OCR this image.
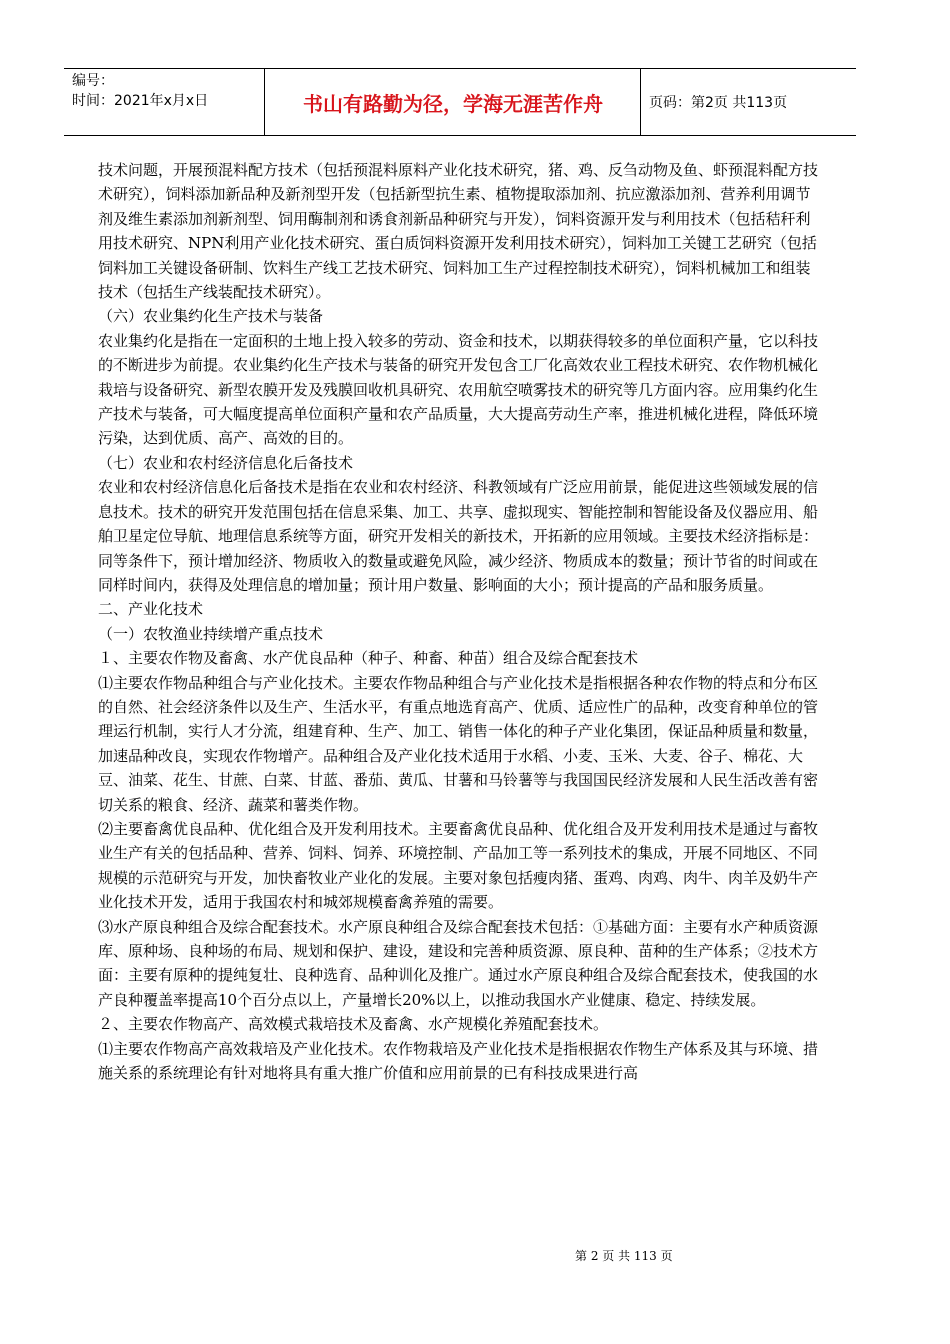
编号：
时间：2021年x月x日	书山有路勤为径，学海无涯苦作舟	页码：第2页 共113页

技术问题，开展预混料配方技术（包括预混料原料产业化技术研究，猪、鸡、反刍动物及鱼、虾预混料配方技术研究），饲料添加新品种及新剂型开发（包括新型抗生素、植物提取添加剂、抗应激添加剂、营养利用调节剂及维生素添加剂新剂型、饲用酶制剂和诱食剂新品种研究与开发），饲料资源开发与利用技术（包括秸秆利用技术研究、NPN利用产业化技术研究、蛋白质饲料资源开发利用技术研究），饲料加工关键工艺研究（包括饲料加工关键设备研制、饮料生产线工艺技术研究、饲料加工生产过程控制技术研究），饲料机械加工和组装技术（包括生产线装配技术研究）。

（六）农业集约化生产技术与装备

农业集约化是指在一定面积的土地上投入较多的劳动、资金和技术，以期获得较多的单位面积产量，它以科技的不断进步为前提。农业集约化生产技术与装备的研究开发包含工厂化高效农业工程技术研究、农作物机械化栽培与设备研究、新型农膜开发及残膜回收机具研究、农用航空喷雾技术的研究等几方面内容。应用集约化生产技术与装备，可大幅度提高单位面积产量和农产品质量，大大提高劳动生产率，推进机械化进程，降低环境污染，达到优质、高产、高效的目的。

（七）农业和农村经济信息化后备技术

农业和农村经济信息化后备技术是指在农业和农村经济、科教领域有广泛应用前景，能促进这些领域发展的信息技术。技术的研究开发范围包括在信息采集、加工、共享、虚拟现实、智能控制和智能设备及仪器应用、船舶卫星定位导航、地理信息系统等方面，研究开发相关的新技术，开拓新的应用领域。主要技术经济指标是：同等条件下，预计增加经济、物质收入的数量或避免风险，减少经济、物质成本的数量；预计节省的时间或在同样时间内，获得及处理信息的增加量；预计用户数量、影响面的大小；预计提高的产品和服务质量。

二、产业化技术

（一）农牧渔业持续增产重点技术

１、主要农作物及畜禽、水产优良品种（种子、种畜、种苗）组合及综合配套技术

⑴主要农作物品种组合与产业化技术。主要农作物品种组合与产业化技术是指根据各种农作物的特点和分布区的自然、社会经济条件以及生产、生活水平，有重点地选育高产、优质、适应性广的品种，改变育种单位的管理运行机制，实行人才分流，组建育种、生产、加工、销售一体化的种子产业化集团，保证品种质量和数量，加速品种改良，实现农作物增产。品种组合及产业化技术适用于水稻、小麦、玉米、大麦、谷子、棉花、大豆、油菜、花生、甘蔗、白菜、甘蓝、番茄、黄瓜、甘薯和马铃薯等与我国国民经济发展和人民生活改善有密切关系的粮食、经济、蔬菜和薯类作物。

⑵主要畜禽优良品种、优化组合及开发利用技术。主要畜禽优良品种、优化组合及开发利用技术是通过与畜牧业生产有关的包括品种、营养、饲料、饲养、环境控制、产品加工等一系列技术的集成，开展不同地区、不同规模的示范研究与开发，加快畜牧业产业化的发展。主要对象包括瘦肉猪、蛋鸡、肉鸡、肉牛、肉羊及奶牛产业化技术开发，适用于我国农村和城郊规模畜禽养殖的需要。

⑶水产原良种组合及综合配套技术。水产原良种组合及综合配套技术包括：①基础方面：主要有水产种质资源库、原种场、良种场的布局、规划和保护、建设，建设和完善种质资源、原良种、苗种的生产体系；②技术方面：主要有原种的提纯复壮、良种选育、品种训化及推广。通过水产原良种组合及综合配套技术，使我国的水产良种覆盖率提高10个百分点以上，产量增长20%以上，以推动我国水产业健康、稳定、持续发展。

２、主要农作物高产、高效模式栽培技术及畜禽、水产规模化养殖配套技术。

⑴主要农作物高产高效栽培及产业化技术。农作物栽培及产业化技术是指根据农作物生产体系及其与环境、措施关系的系统理论有针对地将具有重大推广价值和应用前景的已有科技成果进行高

第 2 页 共 113 页
